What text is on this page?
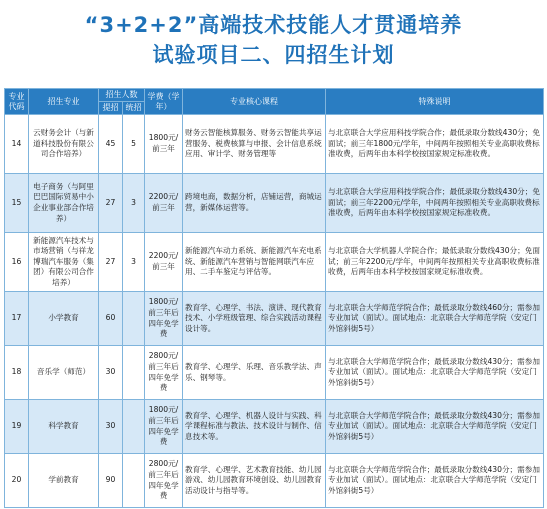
“3+2+2”高端技术技能人才贯通培养
试验项目二、四招生计划
专业代码	招生专业	招生人数		学费（学年）	专业核心课程	特殊说明
		提招	统招			
14	云财务会计（与新道科技股份有限公司合作培养）	45	5	1800元/前三年	财务云智能核算服务、财务云智能共享运营服务、税费核算与申报、会计信息系统应用、审计学、财务管理等	与北京联合大学应用科技学院合作；最低录取分数线430分；免面试；前三年1800元/学年，中间两年按照相关专业高职收费标准收费，后两年由本科学校按国家规定标准收费。
15	电子商务（与阿里巴巴国际贸易中小企业事业部合作培养）	27	3	2200元/前三年	跨境电商，数据分析，店铺运营，商城运营，新媒体运营等。	与北京联合大学应用科技学院合作；最低录取分数线430分；免面试；前三年2200元/学年，中间两年按照相关专业高职收费标准收费，后两年由本科学校按国家规定标准收费。
16	新能源汽车技术与市场营销（与祥龙博瑞汽车服务（集团）有限公司合作培养）	27	3	2200元/前三年	新能源汽车动力系统、新能源汽车充电系统、新能源汽车营销与智能网联汽车应用、二手车鉴定与评估等。	与北京联合大学机器人学院合作；最低录取分数线430分；免面试；前三年2200元/学年，中间两年按照相关专业高职收费标准收费，后两年由本科学校按国家规定标准收费。
17	小学教育	60		1800元/前三年后四年免学费	教育学、心理学、书法、演讲、现代教育技术、小学班级管理、综合实践活动课程设计等。	与北京联合大学师范学院合作；最低录取分数线460分；需参加专业加试（面试）。面试地点：北京联合大学师范学院（安定门外馆斜街5号）
18	音乐学（师范）	30		2800元/前三年后四年免学费	教育学、心理学、乐理、音乐教学法、声乐、钢琴等。	与北京联合大学师范学院合作；最低录取分数线430分；需参加专业加试（面试）。面试地点：北京联合大学师范学院（安定门外馆斜街5号）
19	科学教育	30		1800元/前三年后四年免学费	教育学、心理学、机器人设计与实践、科学课程标准与教法、技术设计与制作、信息技术等。	与北京联合大学师范学院合作；最低录取分数线430分；需参加专业加试（面试）。面试地点：北京联合大学师范学院（安定门外馆斜街5号）
20	学前教育	90		2800元/前三年后四年免学费	教育学、心理学、艺术教育技能、幼儿园游戏、幼儿园教育环境创设、幼儿园教育活动设计与指导等。	与北京联合大学师范学院合作；最低录取分数线430分；需参加专业加试（面试）。面试地点：北京联合大学师范学院（安定门外馆斜街5号）
